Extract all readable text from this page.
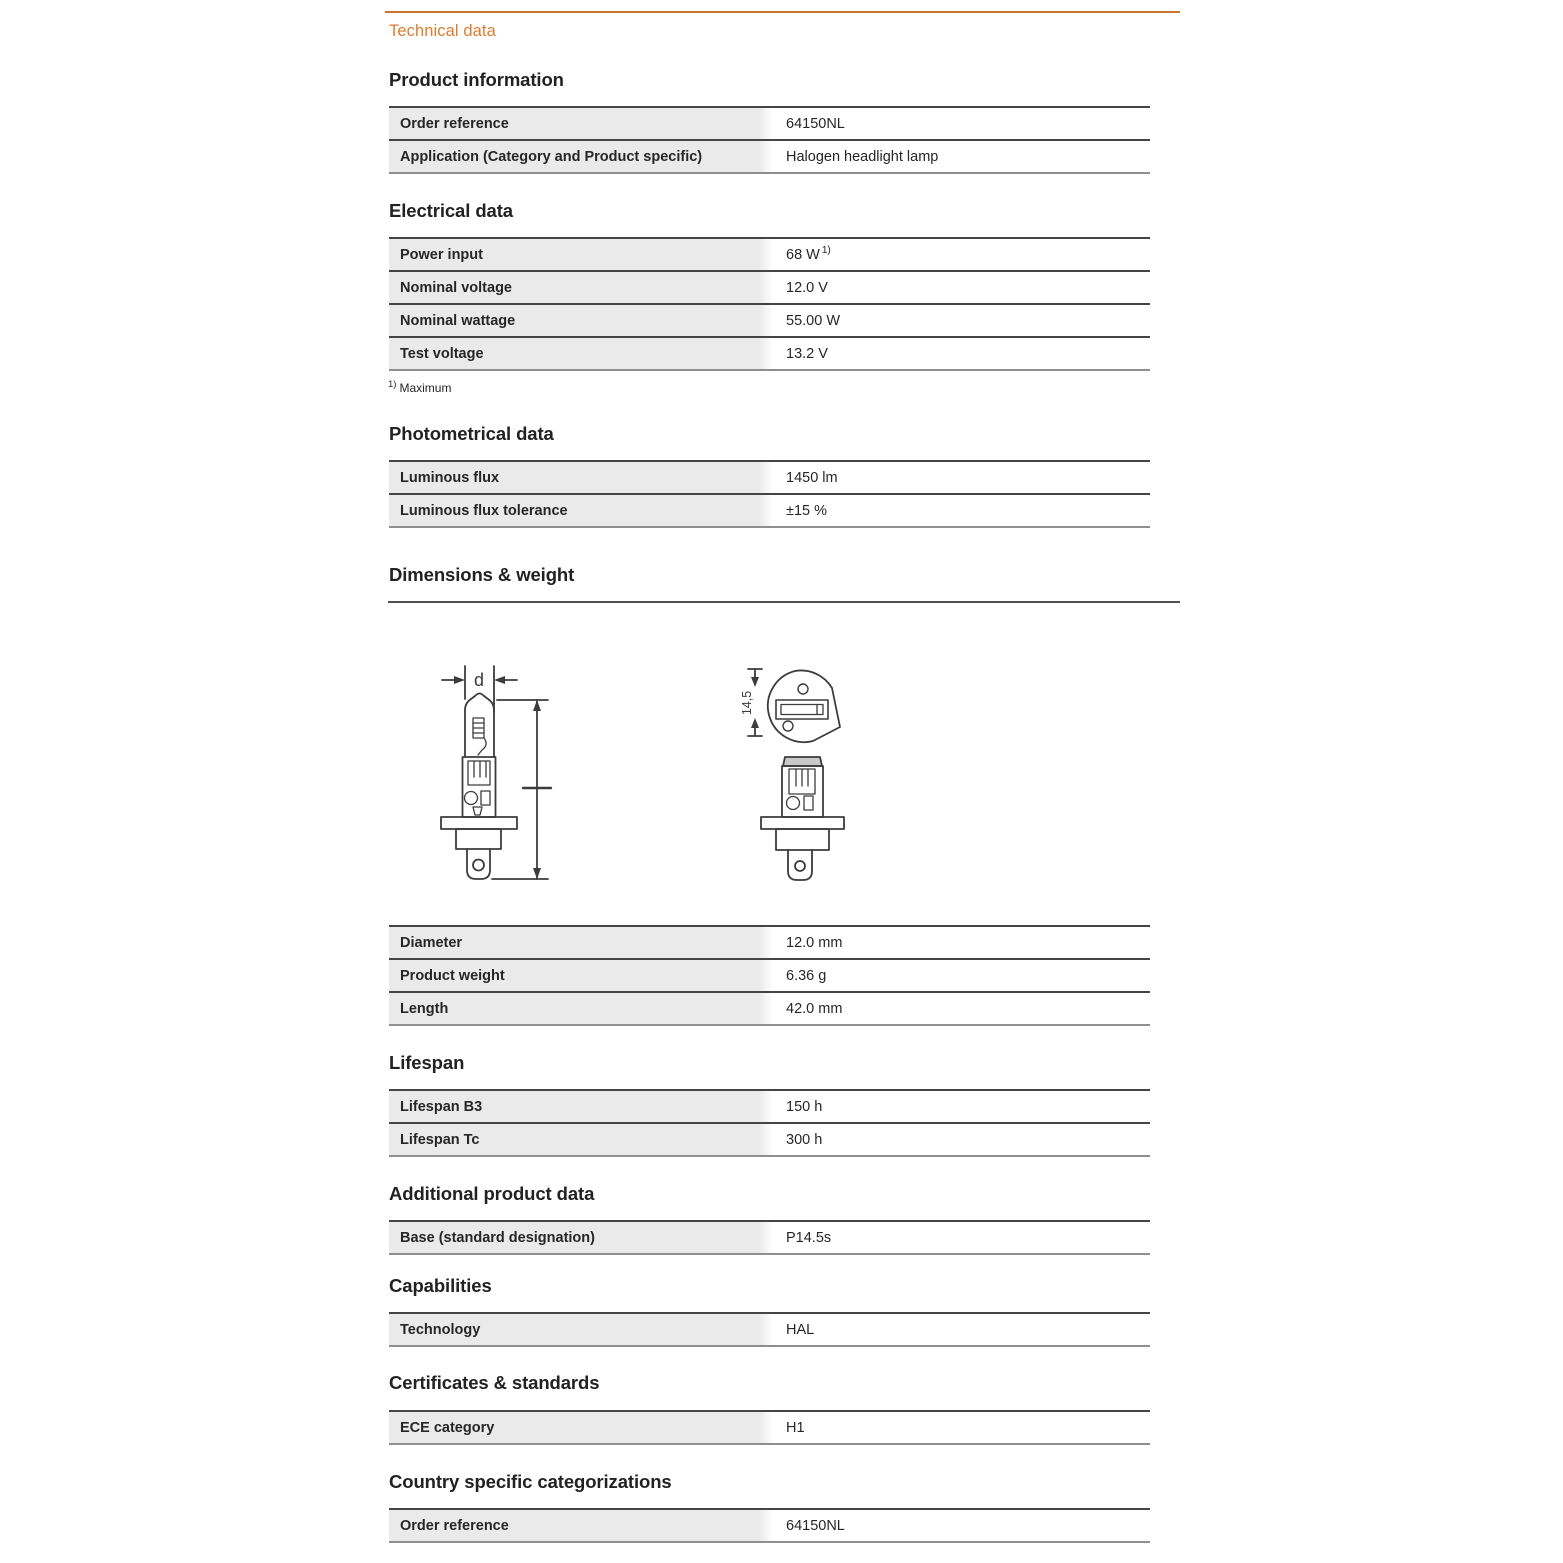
Technical data
Product information
Order reference	64150NL
Application (Category and Product specific)	Halogen headlight lamp
Electrical data
Power input	68 W $^{1)}$
Nominal voltage	12.0 V
Nominal wattage	55.00 W
Test voltage	13.2 V
$^{1)}$ Maximum
Photometrical data
Luminous flux	1450 lm
Luminous flux tolerance	±15 %
Dimensions & weight
d
14,5
Diameter	12.0 mm
Product weight	6.36 g
Length	42.0 mm
Lifespan
Lifespan B3	150 h
Lifespan Tc	300 h
Additional product data
Base (standard designation)	P14.5s
Capabilities
Technology	HAL
Certificates & standards
ECE category	H1
Country specific categorizations
Order reference	64150NL
